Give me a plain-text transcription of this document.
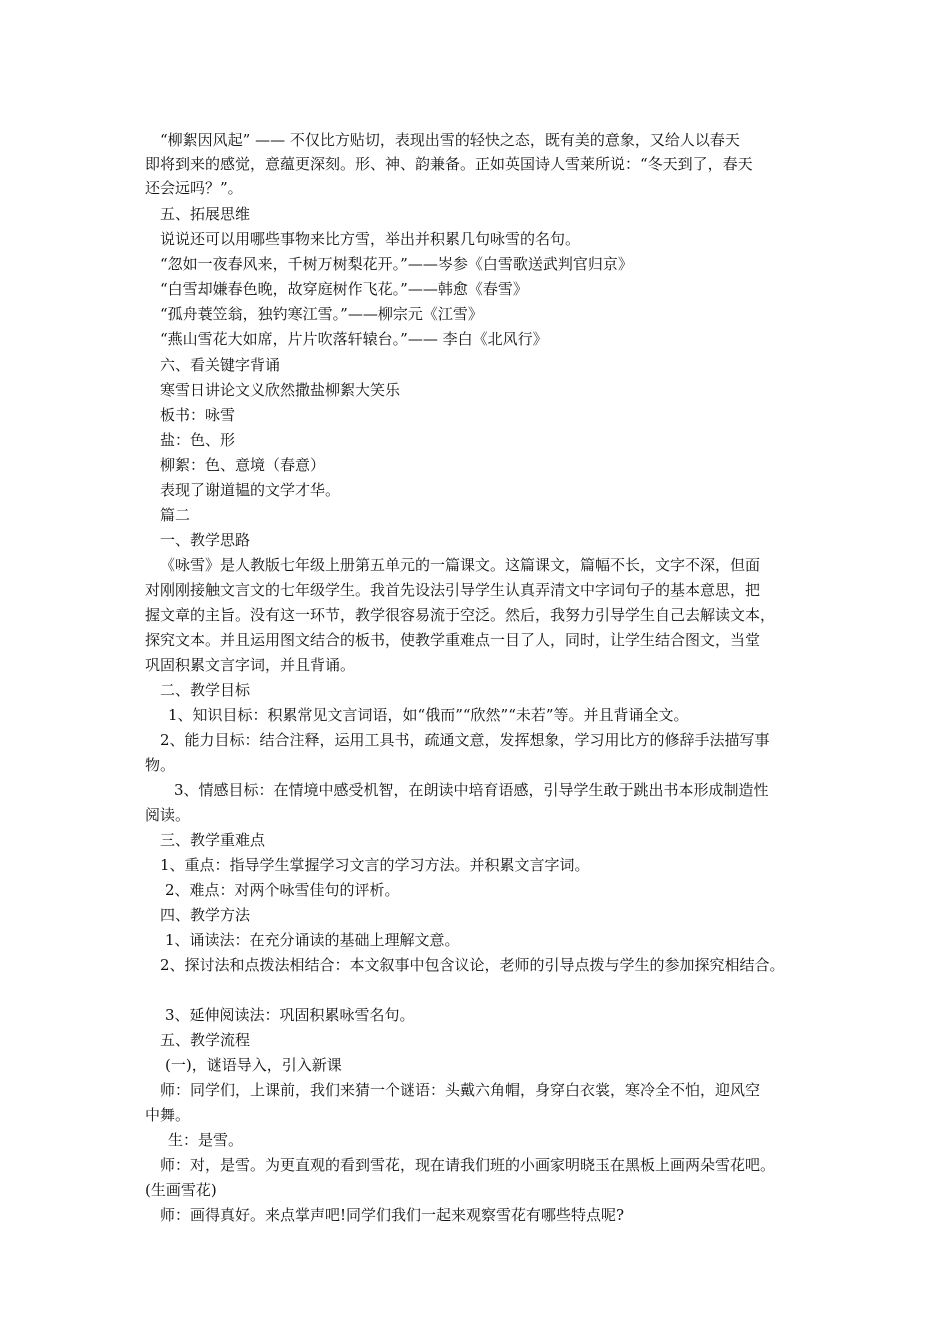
“柳絮因风起” —— 不仅比方贴切，表现出雪的轻快之态，既有美的意象，又给人以春天
即将到来的感觉，意蕴更深刻。形、神、韵兼备。正如英国诗人雪莱所说：“冬天到了，春天
还会远吗？”。
五、拓展思维
说说还可以用哪些事物来比方雪，举出并积累几句咏雪的名句。
“忽如一夜春风来，千树万树梨花开。”——岑参《白雪歌送武判官归京》
“白雪却嫌春色晚，故穿庭树作飞花。”——韩愈《春雪》
“孤舟蓑笠翁，独钓寒江雪。”——柳宗元《江雪》
“燕山雪花大如席，片片吹落轩辕台。”—— 李白《北风行》
六、看关键字背诵
寒雪日讲论文义欣然撒盐柳絮大笑乐
板书：咏雪
盐：色、形
柳絮：色、意境（春意）
表现了谢道韫的文学才华。
篇二
一、教学思路
《咏雪》是人教版七年级上册第五单元的一篇课文。这篇课文，篇幅不长，文字不深，但面
对刚刚接触文言文的七年级学生。我首先设法引导学生认真弄清文中字词句子的基本意思，把
握文章的主旨。没有这一环节，教学很容易流于空泛。然后，我努力引导学生自己去解读文本，
探究文本。并且运用图文结合的板书，使教学重难点一目了人，同时，让学生结合图文，当堂
巩固积累文言字词，并且背诵。
二、教学目标
1、知识目标：积累常见文言词语，如“俄而”“欣然”“未若”等。并且背诵全文。
2、能力目标：结合注释，运用工具书，疏通文意，发挥想象，学习用比方的修辞手法描写事
物。
3、情感目标：在情境中感受机智，在朗读中培育语感，引导学生敢于跳出书本形成制造性
阅读。
三、教学重难点
1、重点：指导学生掌握学习文言的学习方法。并积累文言字词。
2、难点：对两个咏雪佳句的评析。
四、教学方法
1、诵读法：在充分诵读的基础上理解文意。
2、探讨法和点拨法相结合：本文叙事中包含议论，老师的引导点拨与学生的参加探究相结合。
3、延伸阅读法：巩固积累咏雪名句。
五、教学流程
(一)，谜语导入，引入新课
师：同学们，上课前，我们来猜一个谜语：头戴六角帽，身穿白衣裳，寒冷全不怕，迎风空
中舞。
生：是雪。
师：对，是雪。为更直观的看到雪花，现在请我们班的小画家明晓玉在黑板上画两朵雪花吧。
(生画雪花)
师：画得真好。来点掌声吧!同学们我们一起来观察雪花有哪些特点呢?
